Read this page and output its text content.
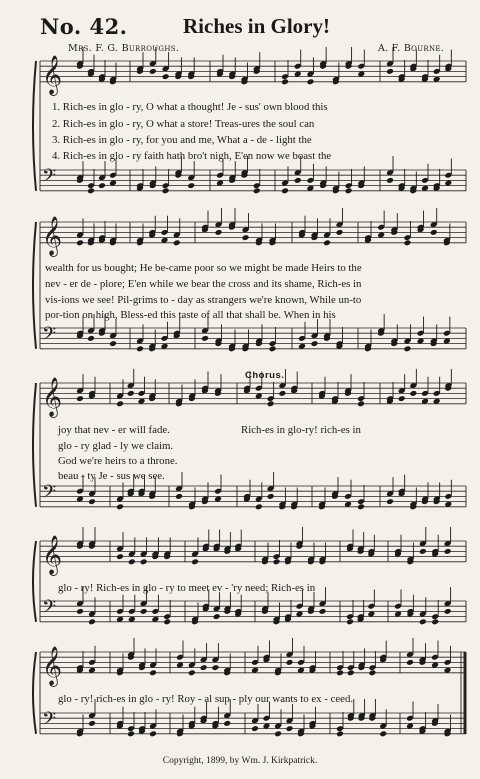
No. 42.	Riches in Glory!
Mrs. F. G. Burroughs.	A. F. Bourne.
𝄞
𝄢
𝄞
𝄢
𝄞
𝄢
𝄞
𝄢
𝄞
𝄢
1. Rich-es in glo - ry, O what a thought! Je - sus' own blood this
2. Rich-es in glo - ry, O what a store! Treas-ures the soul can
3. Rich-es in glo - ry, for you and me, What a - de - light the
4. Rich-es in glo - ry faith hath bro't nigh, E'en now we boast the
wealth for us bought; He be-came poor so we might be made Heirs to the
nev - er de - plore; E'en while we bear the cross and its shame, Rich-es in
vis-ions we see! Pil-grims to - day as strangers we're known, While un-to
por-tion on high, Bless-ed this taste of all that shall be. When in his
Chorus.
joy that nev - er will fade.
glo - ry glad - ly we claim.
God we're heirs to a throne.
beau - ty Je - sus we see.
Rich-es in glo-ry! rich-es in
glo - ry! Rich-es in glo - ry to meet ev - 'ry need; Rich-es in
glo - ry! rich-es in glo - ry! Roy - al sup - ply our wants to ex - ceed.
Copyright, 1899, by Wm. J. Kirkpatrick.
